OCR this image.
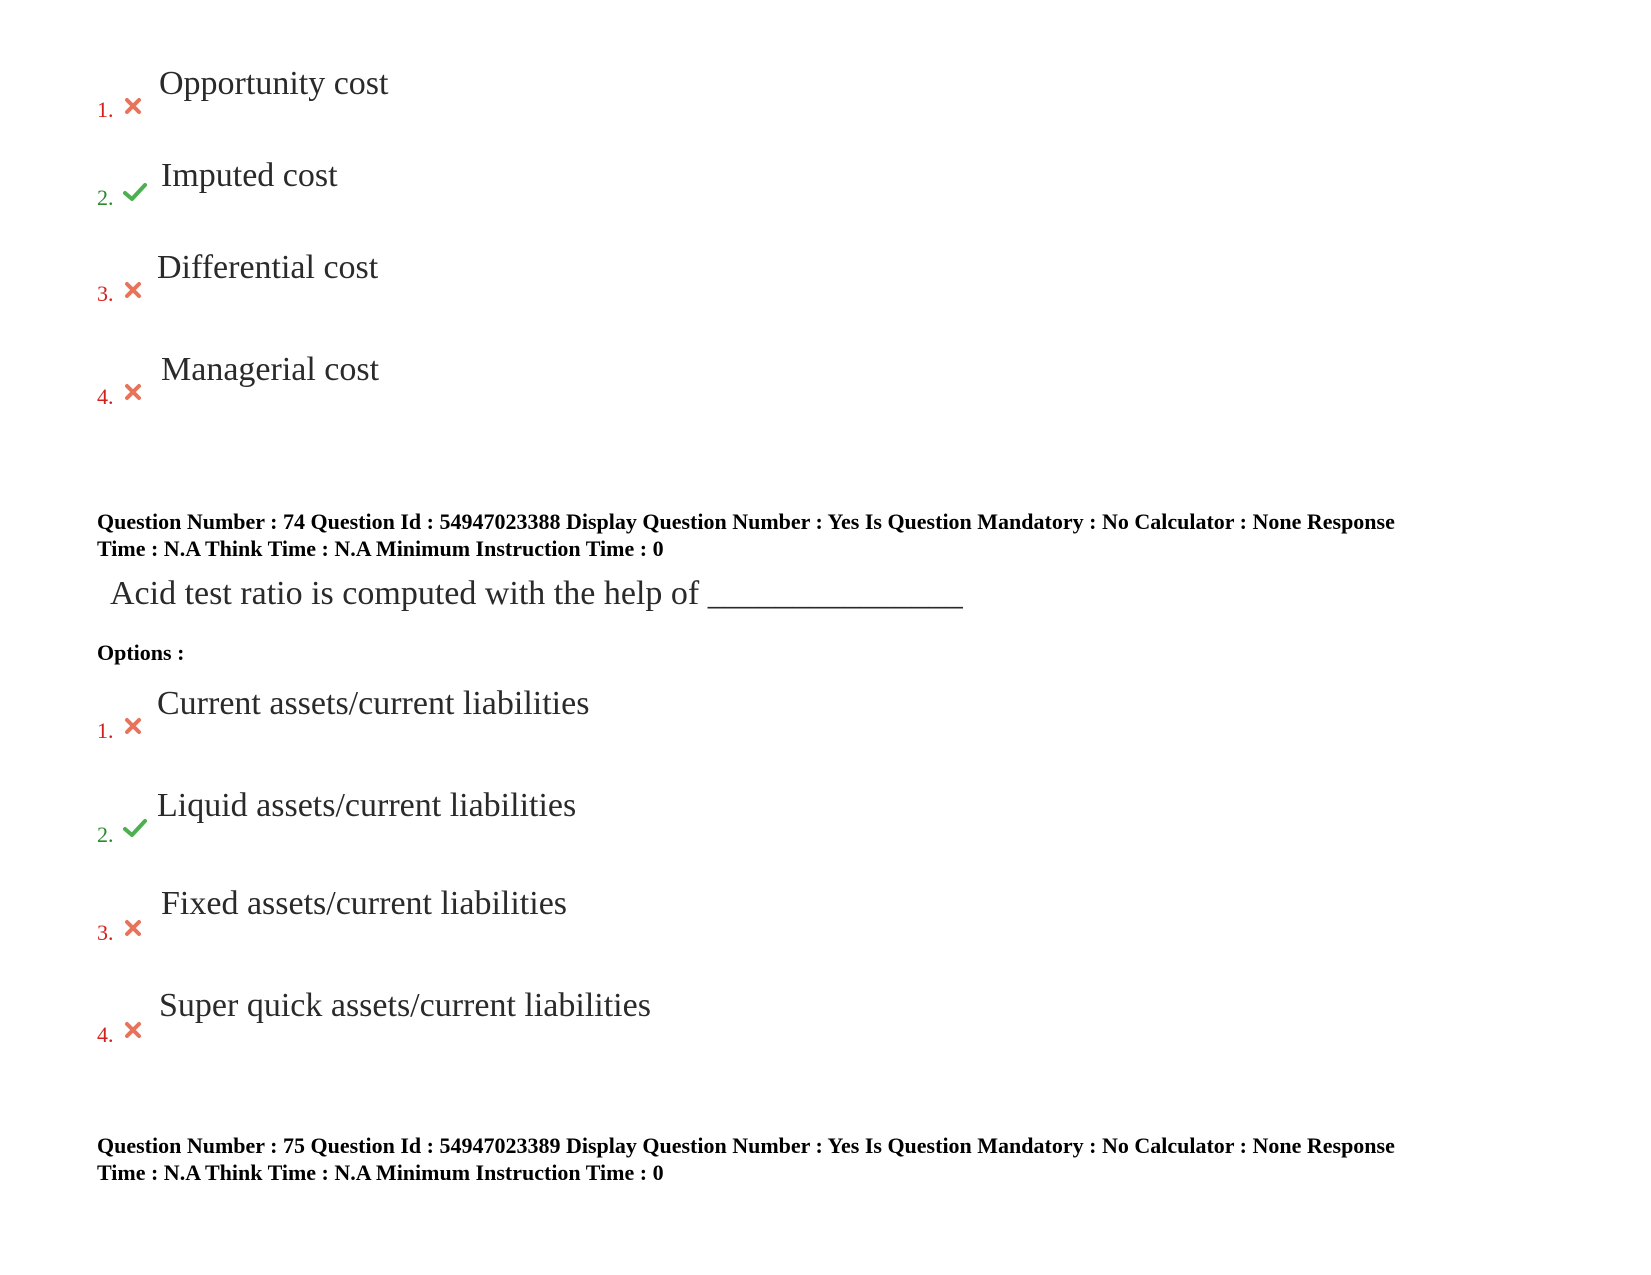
1.
Opportunity cost
2.
Imputed cost
3.
Differential cost
4.
Managerial cost
Question Number : 74 Question Id : 54947023388 Display Question Number : Yes Is Question Mandatory : No Calculator : None Response
Time : N.A Think Time : N.A Minimum Instruction Time : 0
Acid test ratio is computed with the help of _______________
Options :
1.
Current assets/current liabilities
2.
Liquid assets/current liabilities
3.
Fixed assets/current liabilities
4.
Super quick assets/current liabilities
Question Number : 75 Question Id : 54947023389 Display Question Number : Yes Is Question Mandatory : No Calculator : None Response
Time : N.A Think Time : N.A Minimum Instruction Time : 0
